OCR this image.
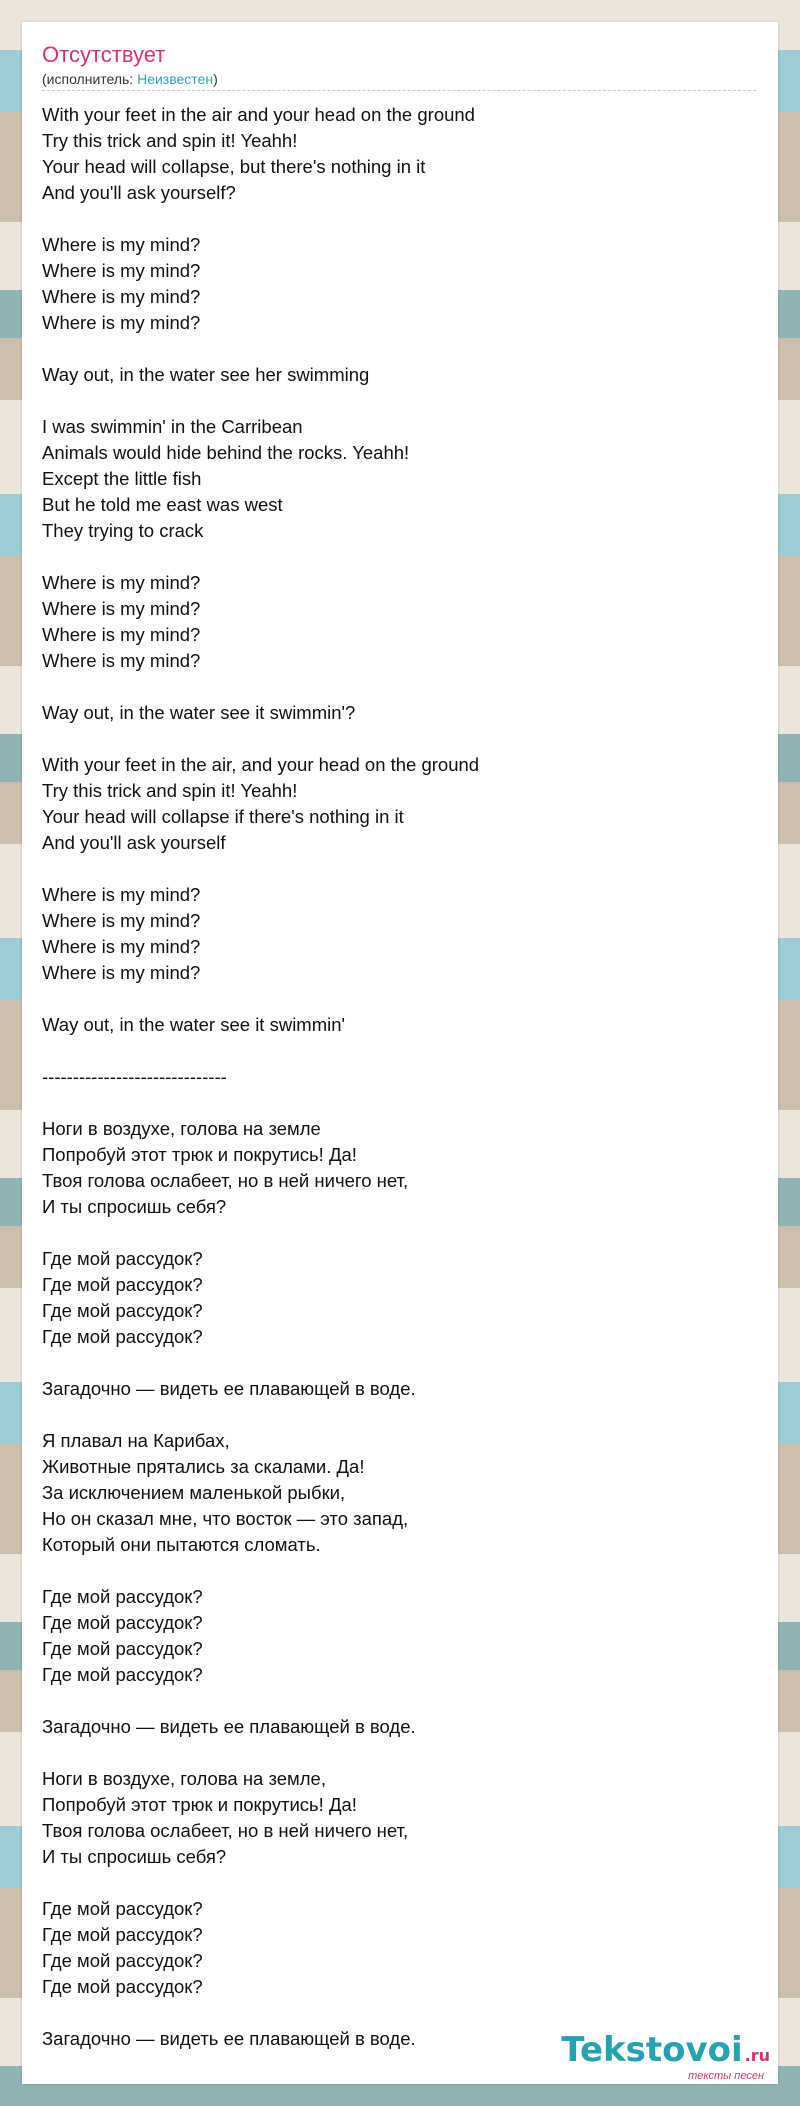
Отсутствует
(исполнитель: Неизвестен)
With your feet in the air and your head on the ground
Try this trick and spin it! Yeahh!
Your head will collapse, but there's nothing in it
And you'll ask yourself?

Where is my mind?
Where is my mind?
Where is my mind?
Where is my mind?

Way out, in the water see her swimming

I was swimmin' in the Carribean
Animals would hide behind the rocks. Yeahh!
Except the little fish
But he told me east was west
They trying to crack

Where is my mind?
Where is my mind?
Where is my mind?
Where is my mind?

Way out, in the water see it swimmin'?

With your feet in the air, and your head on the ground
Try this trick and spin it! Yeahh!
Your head will collapse if there's nothing in it
And you'll ask yourself

Where is my mind?
Where is my mind?
Where is my mind?
Where is my mind?

Way out, in the water see it swimmin'

------------------------------

Ноги в воздухе, голова на земле
Попробуй этот трюк и покрутись! Да!
Твоя голова ослабеет, но в ней ничего нет,
И ты спросишь себя?

Где мой рассудок?
Где мой рассудок?
Где мой рассудок?
Где мой рассудок?

Загадочно — видеть ее плавающей в воде.

Я плавал на Карибах,
Животные прятались за скалами. Да!
За исключением маленькой рыбки,
Но он сказал мне, что восток — это запад,
Который они пытаются сломать.

Где мой рассудок?
Где мой рассудок?
Где мой рассудок?
Где мой рассудок?

Загадочно — видеть ее плавающей в воде.

Ноги в воздухе, голова на земле,
Попробуй этот трюк и покрутись! Да!
Твоя голова ослабеет, но в ней ничего нет,
И ты спросишь себя?

Где мой рассудок?
Где мой рассудок?
Где мой рассудок?
Где мой рассудок?

Загадочно — видеть ее плавающей в воде.	Tekstovoi .ru
тексты песен
